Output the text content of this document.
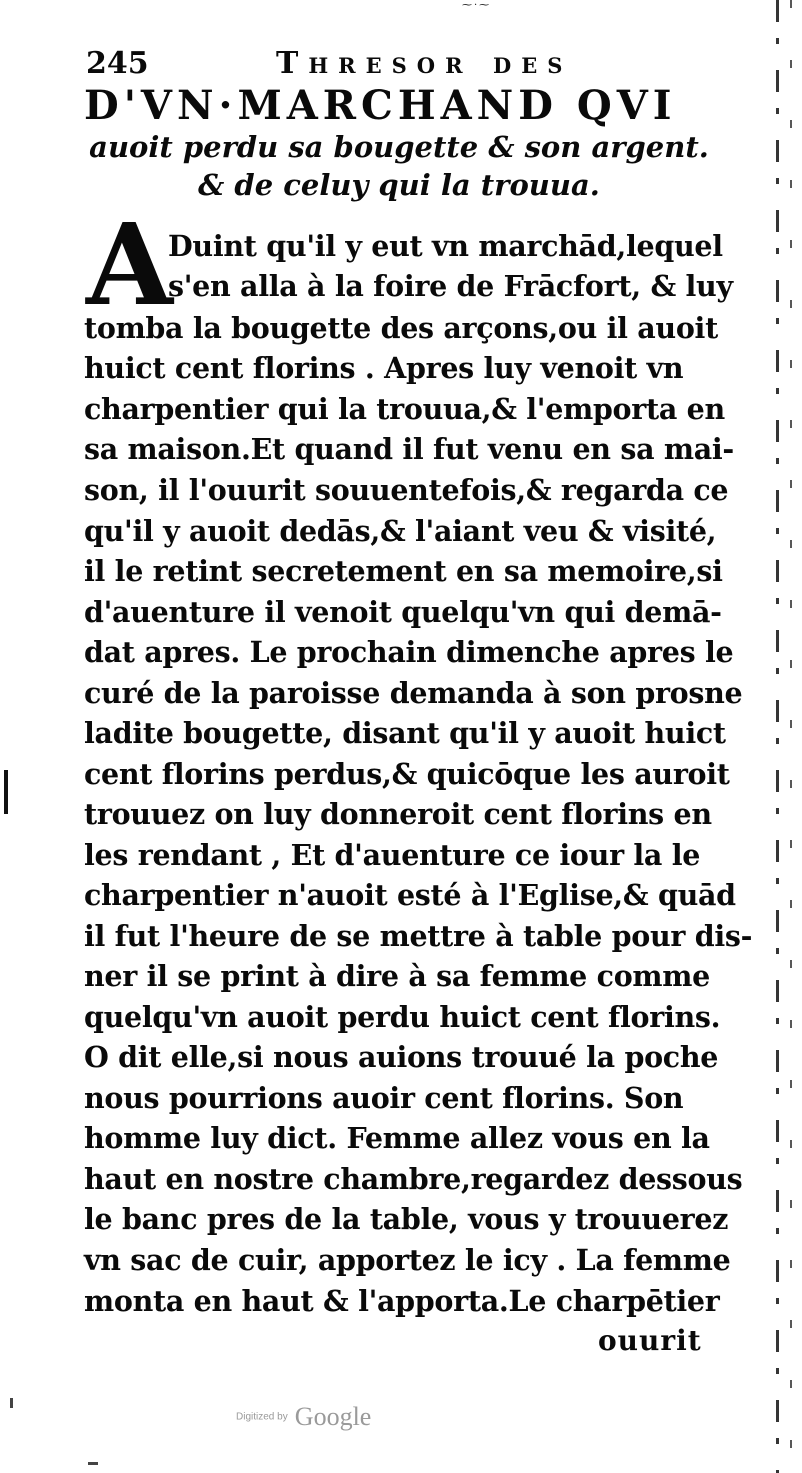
⁓·⁓
245	Thresor des
D'VN·MARCHAND QVI
auoit perdu sa bougette & son argent.
& de celuy qui la trouua.
A
Duint qu'il y eut vn marchād,lequel
s'en alla à la foire de Frācfort, & luy
tomba la bougette des arçons,ou il auoit
huict cent florins . Apres luy venoit vn
charpentier qui la trouua,& l'emporta en
sa maison.Et quand il fut venu en sa mai-
son, il l'ouurit souuentefois,& regarda ce
qu'il y auoit dedās,& l'aiant veu & visité,
il le retint secretement en sa memoire,si
d'auenture il venoit quelqu'vn qui demā-
dat apres. Le prochain dimenche apres le
curé de la paroisse demanda à son prosne
ladite bougette, disant qu'il y auoit huict
cent florins perdus,& quicōque les auroit
trouuez on luy donneroit cent florins en
les rendant , Et d'auenture ce iour la le
charpentier n'auoit esté à l'Eglise,& quād
il fut l'heure de se mettre à table pour dis-
ner il se print à dire à sa femme comme
quelqu'vn auoit perdu huict cent florins.
O dit elle,si nous auions trouué la poche
nous pourrions auoir cent florins. Son
homme luy dict. Femme allez vous en la
haut en nostre chambre,regardez dessous
le banc pres de la table, vous y trouuerez
vn sac de cuir, apportez le icy . La femme
monta en haut & l'apporta.Le charpētier
ouurit
Digitized by Google
